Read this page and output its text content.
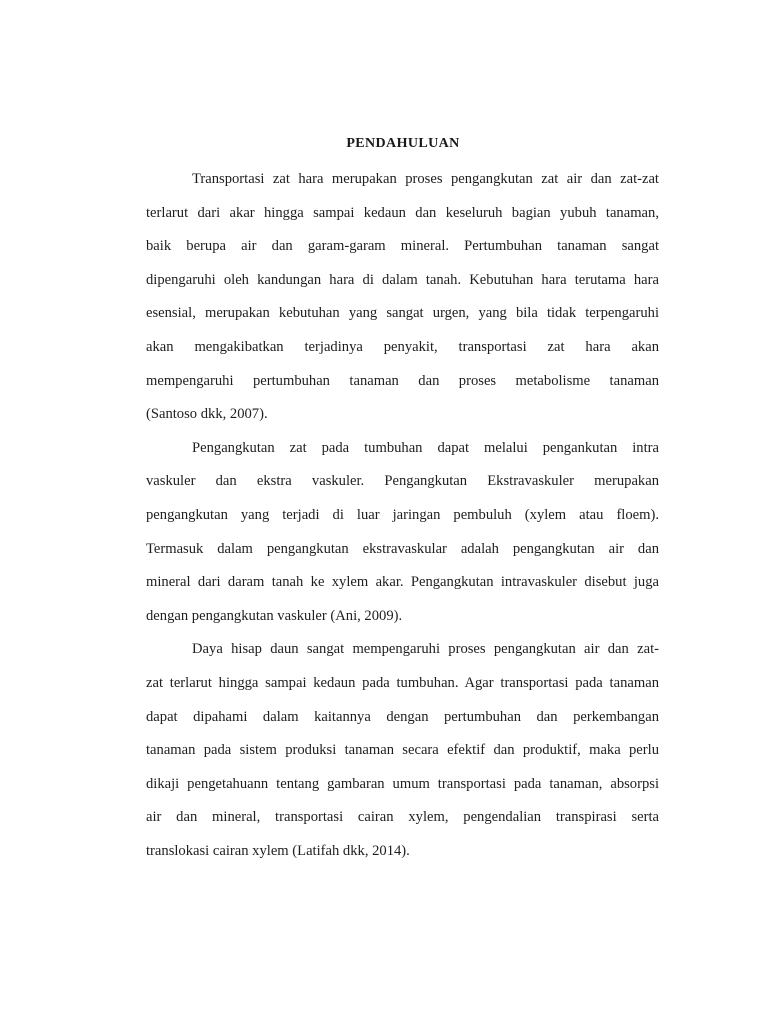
PENDAHULUAN
Transportasi zat hara merupakan proses pengangkutan zat air dan zat-zat
terlarut dari akar hingga sampai kedaun dan keseluruh bagian yubuh tanaman,
baik berupa air dan garam-garam mineral. Pertumbuhan tanaman sangat
dipengaruhi oleh kandungan hara di dalam tanah. Kebutuhan hara terutama hara
esensial, merupakan kebutuhan yang sangat urgen, yang bila tidak terpengaruhi
akan mengakibatkan terjadinya penyakit, transportasi zat hara akan
mempengaruhi pertumbuhan tanaman dan proses metabolisme tanaman
(Santoso dkk, 2007).
Pengangkutan zat pada tumbuhan dapat melalui pengankutan intra
vaskuler dan ekstra vaskuler. Pengangkutan Ekstravaskuler merupakan
pengangkutan yang terjadi di luar jaringan pembuluh (xylem atau floem).
Termasuk dalam pengangkutan ekstravaskular adalah pengangkutan air dan
mineral dari daram tanah ke xylem akar. Pengangkutan intravaskuler disebut juga
dengan pengangkutan vaskuler (Ani, 2009).
Daya hisap daun sangat mempengaruhi proses pengangkutan air dan zat-
zat terlarut hingga sampai kedaun pada tumbuhan. Agar transportasi pada tanaman
dapat dipahami dalam kaitannya dengan pertumbuhan dan perkembangan
tanaman pada sistem produksi tanaman secara efektif dan produktif, maka perlu
dikaji pengetahuann tentang gambaran umum transportasi pada tanaman, absorpsi
air dan mineral, transportasi cairan xylem, pengendalian transpirasi serta
translokasi cairan xylem (Latifah dkk, 2014).
